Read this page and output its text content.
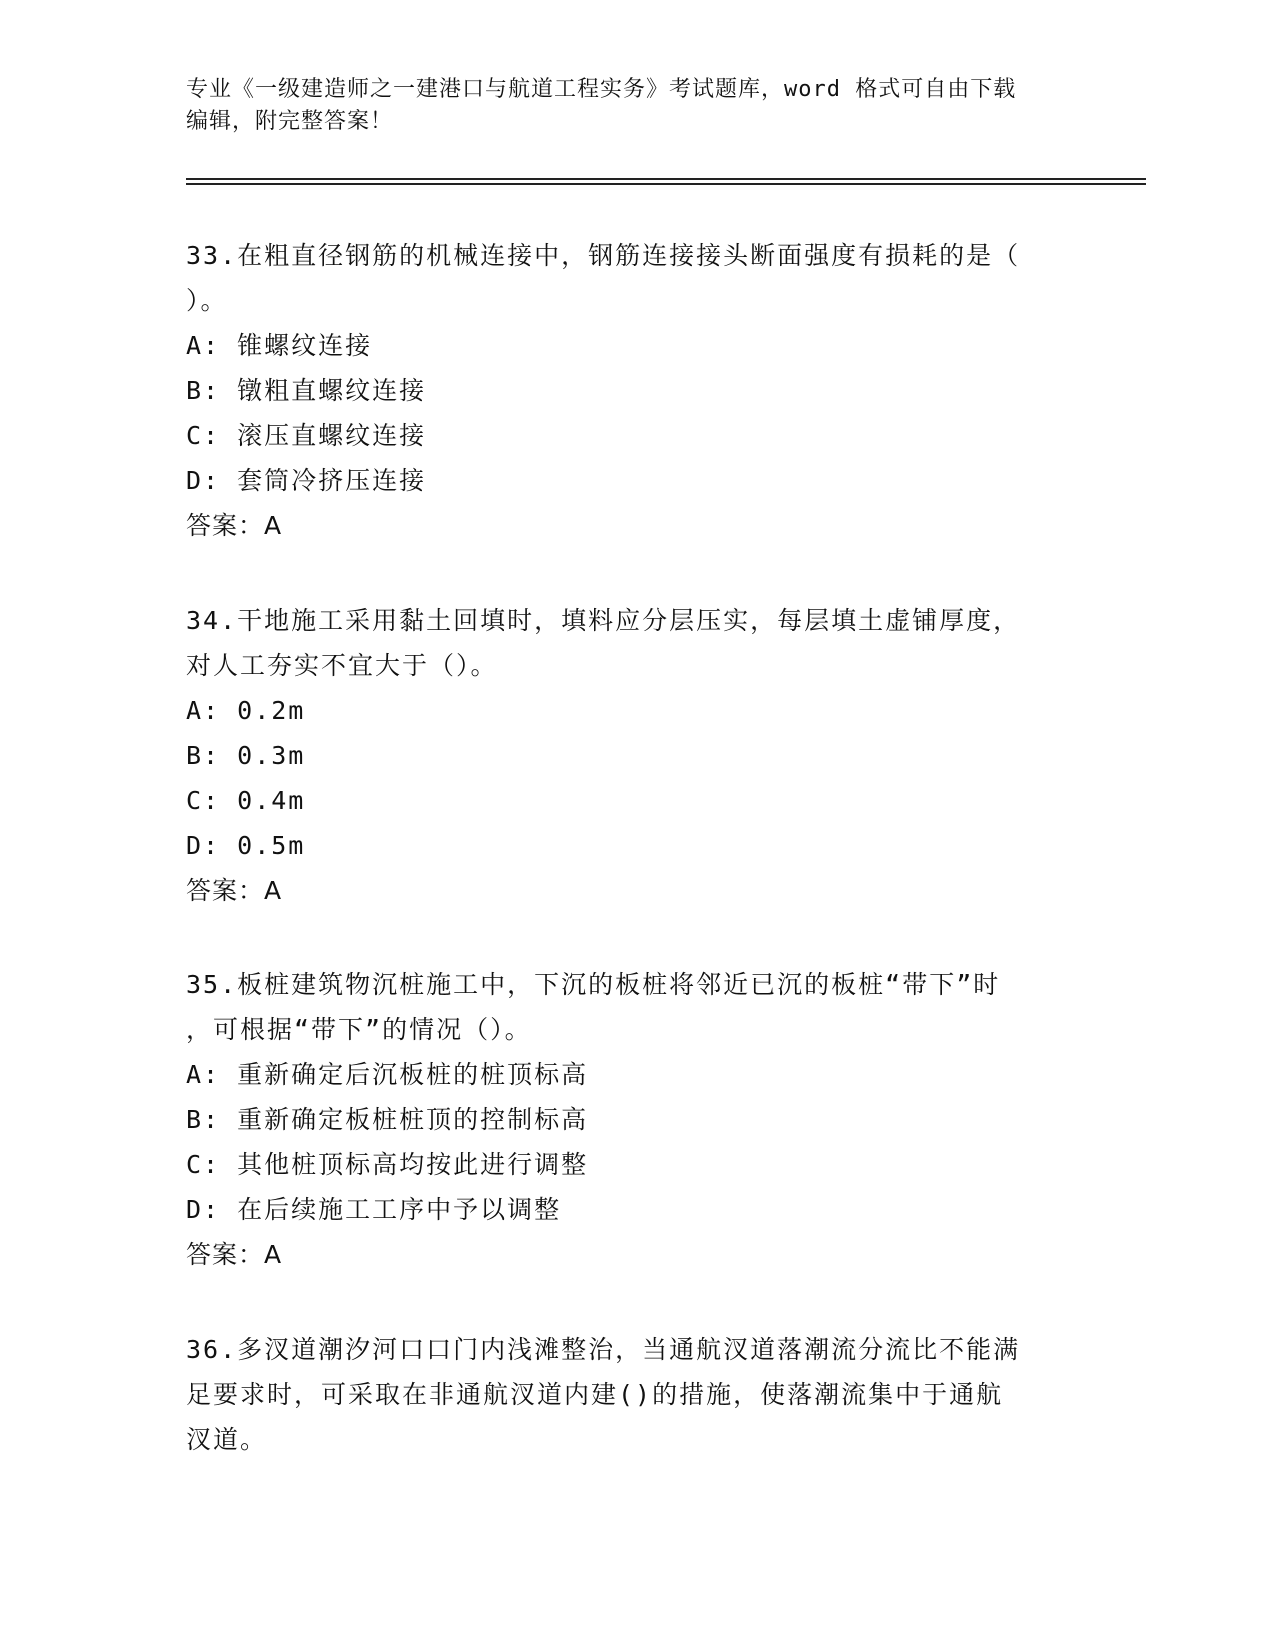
专业《一级建造师之一建港口与航道工程实务》考试题库，word 格式可自由下载
编辑，附完整答案！

33.在粗直径钢筋的机械连接中，钢筋连接接头断面强度有损耗的是（

）。

A: 锥螺纹连接

B: 镦粗直螺纹连接

C: 滚压直螺纹连接

D: 套筒冷挤压连接

答案：A

34.干地施工采用黏土回填时，填料应分层压实，每层填土虚铺厚度，

对人工夯实不宜大于（）。

A: 0.2m

B: 0.3m

C: 0.4m

D: 0.5m

答案：A

35.板桩建筑物沉桩施工中，下沉的板桩将邻近已沉的板桩“带下”时

，可根据“带下”的情况（）。

A: 重新确定后沉板桩的桩顶标高

B: 重新确定板桩桩顶的控制标高

C: 其他桩顶标高均按此进行调整

D: 在后续施工工序中予以调整

答案：A

36.多汊道潮汐河口口门内浅滩整治，当通航汊道落潮流分流比不能满

足要求时，可采取在非通航汊道内建()的措施，使落潮流集中于通航

汊道。
